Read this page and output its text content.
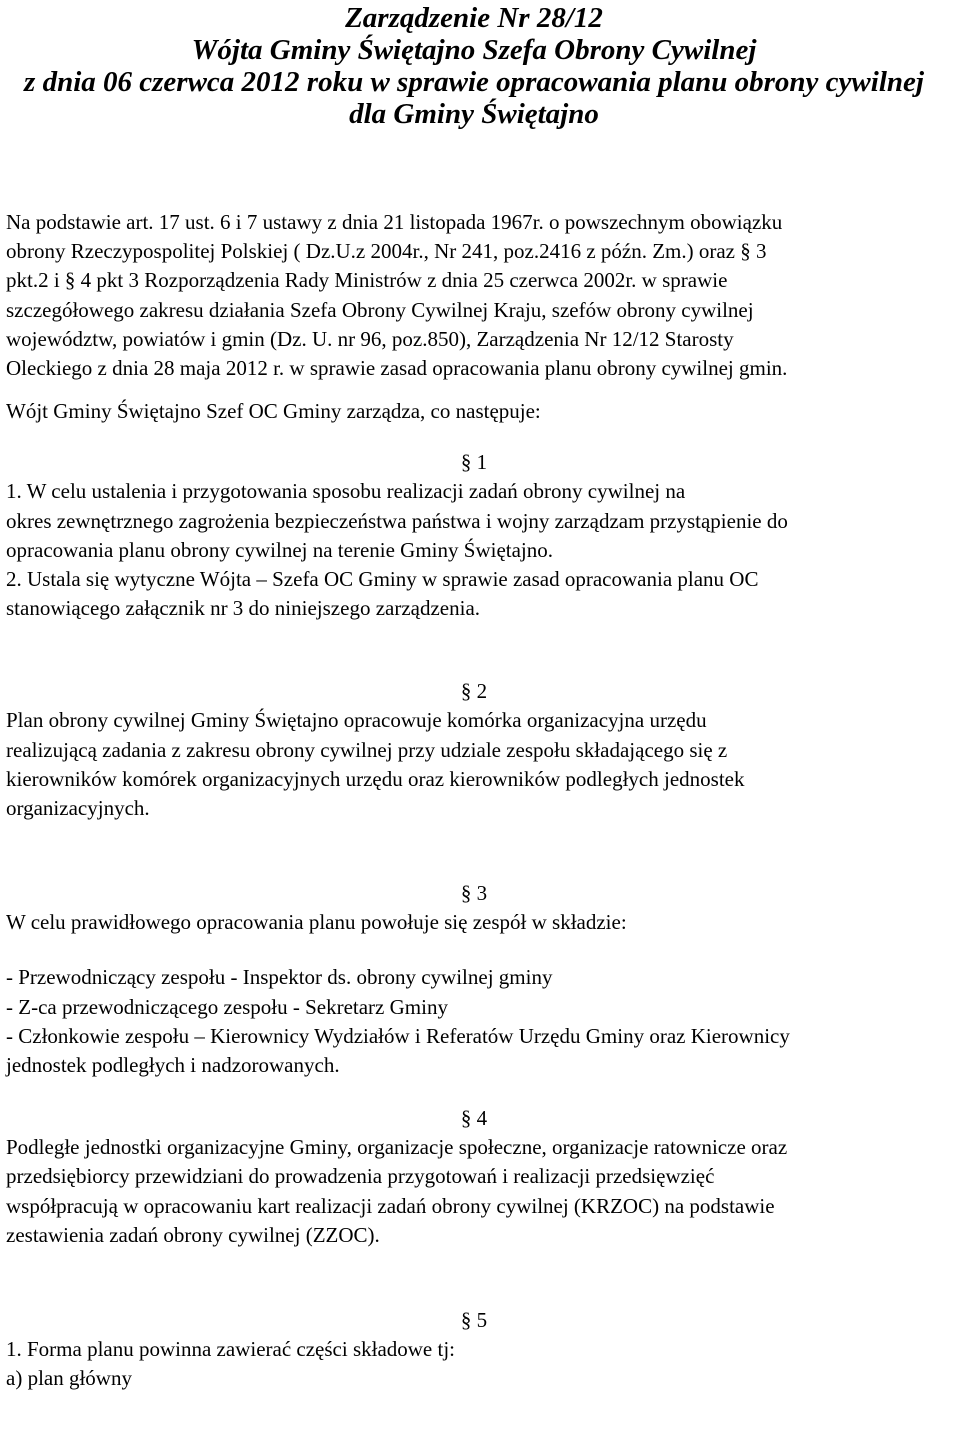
Zarządzenie Nr 28/12
Wójta Gminy Świętajno Szefa Obrony Cywilnej
z dnia 06 czerwca 2012 roku w sprawie opracowania planu obrony cywilnej
dla Gminy Świętajno
Na podstawie art. 17 ust. 6 i 7 ustawy z dnia 21 listopada 1967r. o powszechnym obowiązku
obrony Rzeczypospolitej Polskiej ( Dz.U.z 2004r., Nr 241, poz.2416 z późn. Zm.) oraz § 3
pkt.2 i § 4 pkt 3 Rozporządzenia Rady Ministrów z dnia 25 czerwca 2002r. w sprawie
szczegółowego zakresu działania Szefa Obrony Cywilnej Kraju, szefów obrony cywilnej
województw, powiatów i gmin (Dz. U. nr 96, poz.850), Zarządzenia Nr 12/12 Starosty
Oleckiego z dnia 28 maja 2012 r. w sprawie zasad opracowania planu obrony cywilnej gmin.
Wójt Gminy Świętajno Szef OC Gminy zarządza, co następuje:
§ 1
1. W celu ustalenia i przygotowania sposobu realizacji zadań obrony cywilnej na
okres zewnętrznego zagrożenia bezpieczeństwa państwa i wojny zarządzam przystąpienie do
opracowania planu obrony cywilnej na terenie Gminy Świętajno.
2. Ustala się wytyczne Wójta – Szefa OC Gminy w sprawie zasad opracowania planu OC
stanowiącego załącznik nr 3 do niniejszego zarządzenia.
§ 2
Plan obrony cywilnej Gminy Świętajno opracowuje komórka organizacyjna urzędu
realizującą zadania z zakresu obrony cywilnej przy udziale zespołu składającego się z
kierowników komórek organizacyjnych urzędu oraz kierowników podległych jednostek
organizacyjnych.
§ 3
W celu prawidłowego opracowania planu powołuje się zespół w składzie:
- Przewodniczący zespołu - Inspektor ds. obrony cywilnej gminy
- Z-ca przewodniczącego zespołu - Sekretarz Gminy
- Członkowie zespołu – Kierownicy Wydziałów i Referatów Urzędu Gminy oraz Kierownicy
jednostek podległych i nadzorowanych.
§ 4
Podległe jednostki organizacyjne Gminy, organizacje społeczne, organizacje ratownicze oraz
przedsiębiorcy przewidziani do prowadzenia przygotowań i realizacji przedsięwzięć
współpracują w opracowaniu kart realizacji zadań obrony cywilnej (KRZOC) na podstawie
zestawienia zadań obrony cywilnej (ZZOC).
§ 5
1. Forma planu powinna zawierać części składowe tj:
a) plan główny
